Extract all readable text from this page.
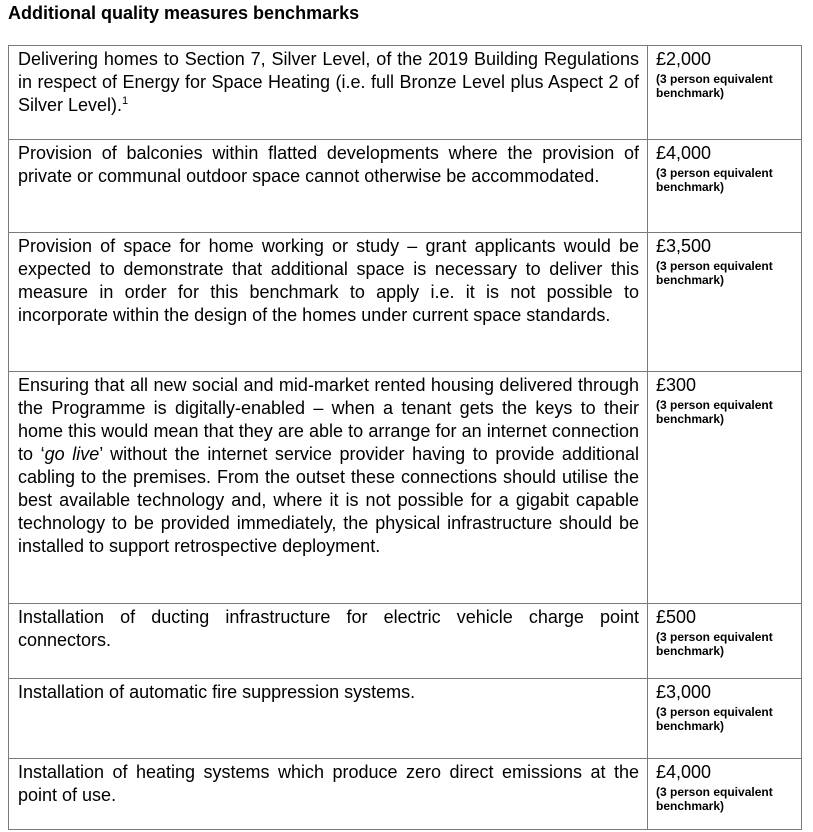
Additional quality measures benchmarks
Delivering homes to Section 7, Silver Level, of the 2019 Building Regulations in respect of Energy for Space Heating (i.e. full Bronze Level plus Aspect 2 of Silver Level).$^1$	£2,000
(3 person equivalent benchmark)

Provision of balconies within flatted developments where the provision of private or communal outdoor space cannot otherwise be accommodated.	£4,000
(3 person equivalent benchmark)

Provision of space for home working or study – grant applicants would be expected to demonstrate that additional space is necessary to deliver this measure in order for this benchmark to apply i.e. it is not possible to incorporate within the design of the homes under current space standards.	£3,500
(3 person equivalent benchmark)

Ensuring that all new social and mid-market rented housing delivered through the Programme is digitally-enabled – when a tenant gets the keys to their home this would mean that they are able to arrange for an internet connection to ‘go live’ without the internet service provider having to provide additional cabling to the premises. From the outset these connections should utilise the best available technology and, where it is not possible for a gigabit capable technology to be provided immediately, the physical infrastructure should be installed to support retrospective deployment.	£300
(3 person equivalent benchmark)

Installation of ducting infrastructure for electric vehicle charge point connectors.	£500
(3 person equivalent benchmark)

Installation of automatic fire suppression systems.	£3,000
(3 person equivalent benchmark)

Installation of heating systems which produce zero direct emissions at the point of use.	£4,000
(3 person equivalent benchmark)
